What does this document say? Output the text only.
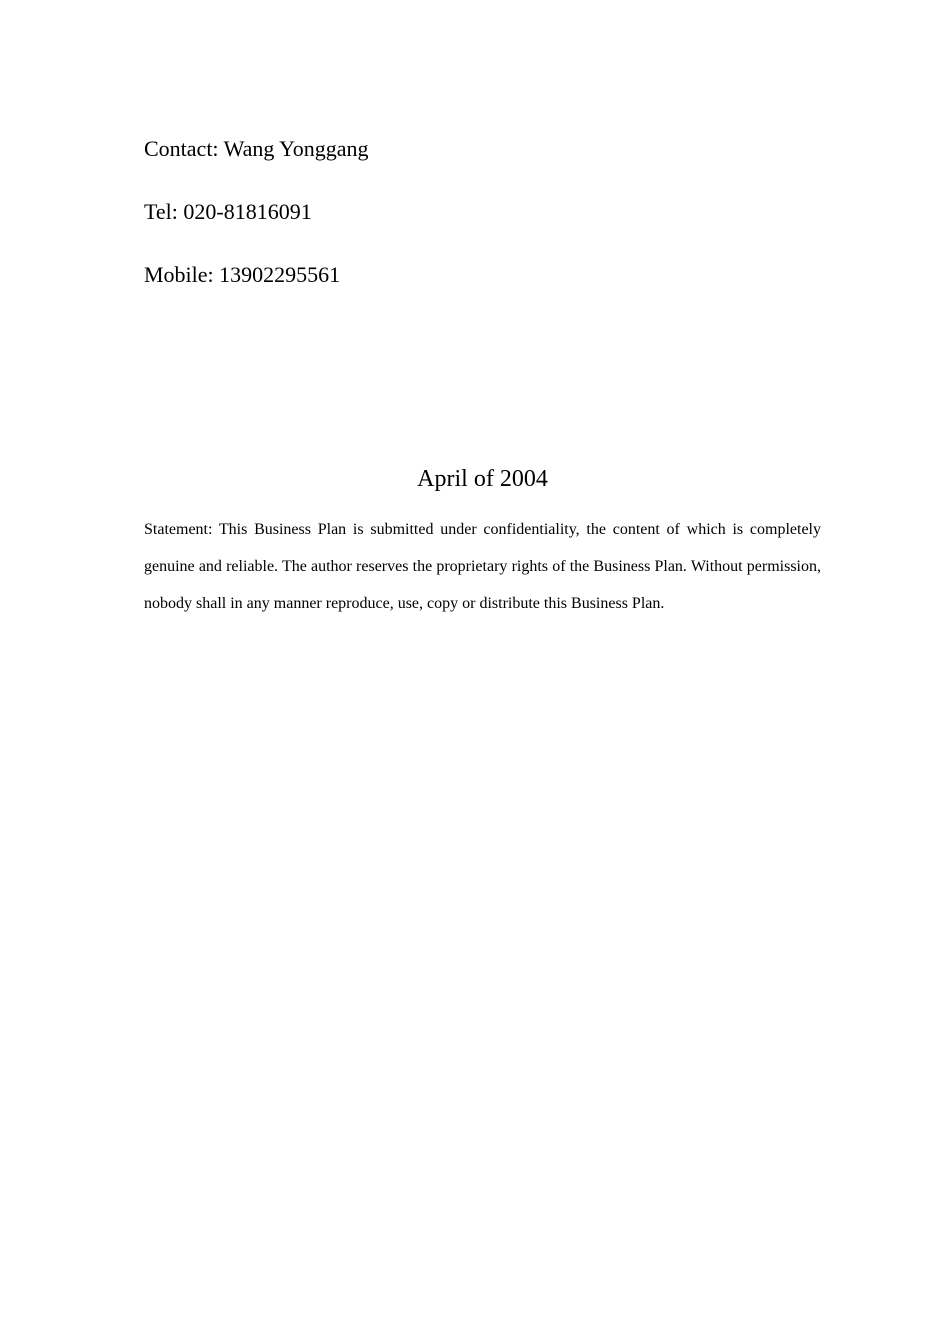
Contact: Wang Yonggang

Tel: 020-81816091

Mobile: 13902295561

April of 2004

Statement: This Business Plan is submitted under confidentiality, the content of which is completely genuine and reliable. The author reserves the proprietary rights of the Business Plan. Without permission, nobody shall in any manner reproduce, use, copy or distribute this Business Plan.
